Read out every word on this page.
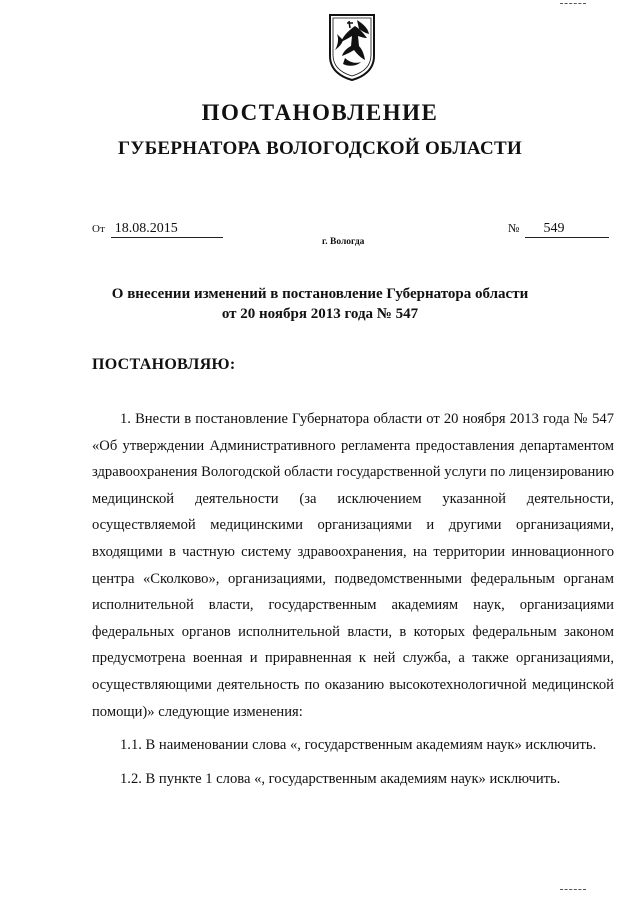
ПОСТАНОВЛЕНИЕ
ГУБЕРНАТОРА ВОЛОГОДСКОЙ ОБЛАСТИ
От 18.08.2015	№ 549
г. Вологда
О внесении изменений в постановление Губернатора области
от 20 ноября 2013 года № 547
ПОСТАНОВЛЯЮ:

1. Внести в постановление Губернатора области от 20 ноября 2013 года № 547 «Об утверждении Административного регламента предоставления департаментом здравоохранения Вологодской области государственной услуги по лицензированию медицинской деятельности (за исключением указанной деятельности, осуществляемой медицинскими организациями и другими организациями, входящими в частную систему здравоохранения, на территории инновационного центра «Сколково», организациями, подведомственными федеральным органам исполнительной власти, государственным академиям наук, организациями федеральных органов исполнительной власти, в которых федеральным законом предусмотрена военная и приравненная к ней служба, а также организациями, осуществляющими деятельность по оказанию высокотехнологичной медицинской помощи)» следующие изменения:

1.1. В наименовании слова «, государственным академиям наук» исключить.

1.2. В пункте 1 слова «, государственным академиям наук» исключить.
